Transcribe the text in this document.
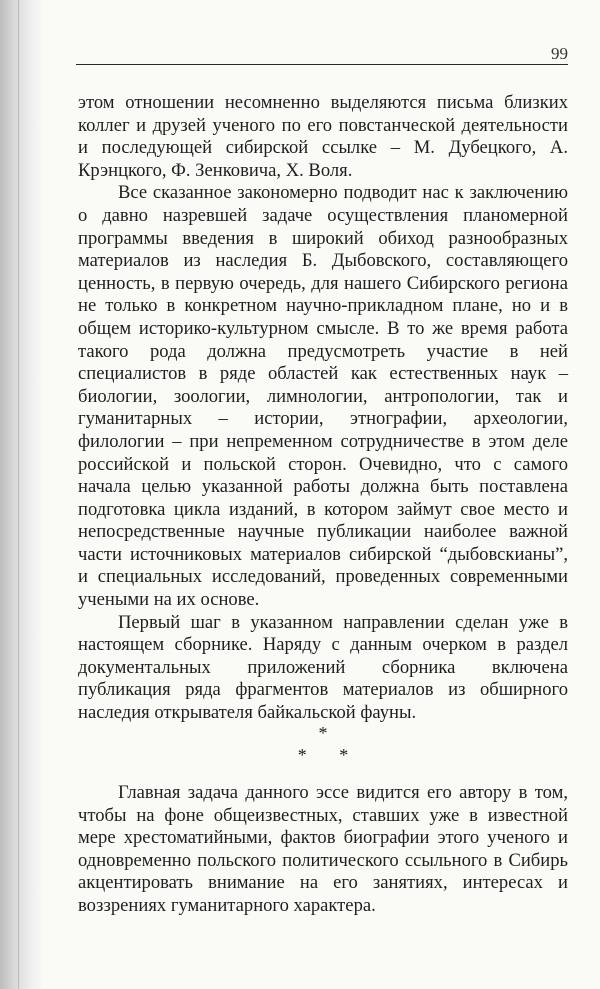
99

этом отношении несомненно выделяются письма близких коллег и друзей ученого по его повстанческой деятельности и последующей сибирской ссылке – М. Дубецкого, А. Крэнцкого, Ф. Зенковича, Х. Воля.

Все сказанное закономерно подводит нас к заключению о давно назревшей задаче осуществления планомерной программы введения в широкий обиход разнообразных материалов из наследия Б. Дыбовского, составляющего ценность, в первую очередь, для нашего Сибирского региона не только в конкретном научно-прикладном плане, но и в общем историко-культурном смысле. В то же время работа такого рода должна предусмотреть участие в ней специалистов в ряде областей как естественных наук – биологии, зоологии, лимнологии, антропологии, так и гуманитарных – истории, этнографии, археологии, филологии – при непременном сотрудничестве в этом деле российской и польской сторон. Очевидно, что с самого начала целью указанной работы должна быть поставлена подготовка цикла изданий, в котором займут свое место и непосредственные научные публикации наиболее важной части источниковых материалов сибирской “дыбовскианы”, и специальных исследований, проведенных современными учеными на их основе.

Первый шаг в указанном направлении сделан уже в настоящем сборнике. Наряду с данным очерком в раздел документальных приложений сборника включена публикация ряда фрагментов материалов из обширного наследия открывателя байкальской фауны.

*
* *

Главная задача данного эссе видится его автору в том, чтобы на фоне общеизвестных, ставших уже в известной мере хрестоматийными, фактов биографии этого ученого и одновременно польского политического ссыльного в Сибирь акцентировать внимание на его занятиях, интересах и воззрениях гуманитарного характера.
